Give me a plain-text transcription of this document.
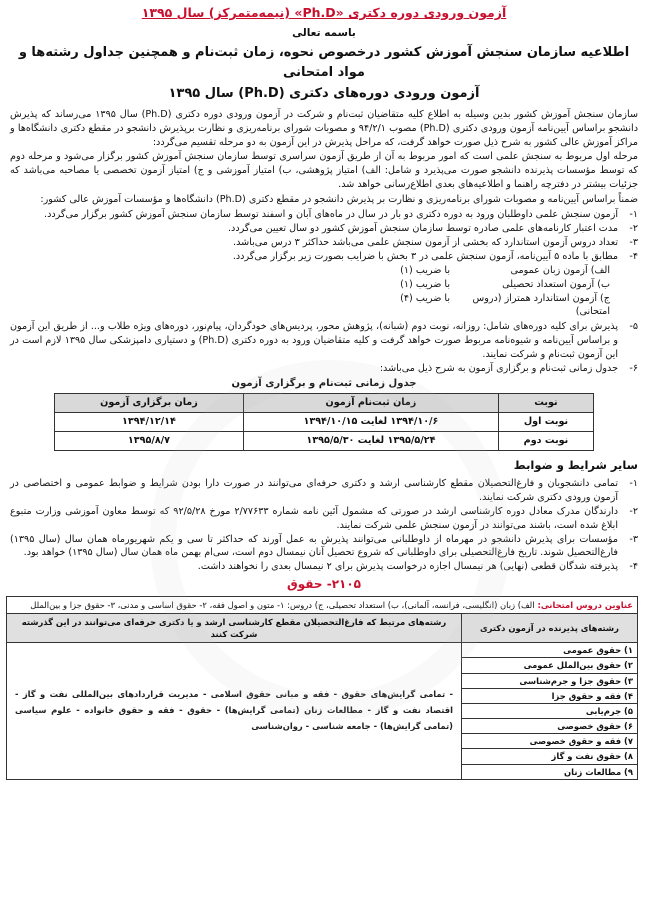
آزمون ورودی دوره دکتری «Ph.D» (نیمه‌متمرکز) سال ۱۳۹۵
باسمه تعالی
اطلاعیه سازمان سنجش آموزش کشور درخصوص نحوه، زمان ثبت‌نام و همچنین جداول رشته‌ها و مواد امتحانی
آزمون ورودی دوره‌های دکتری (Ph.D) سال ۱۳۹۵

سازمان سنجش آموزش کشور بدین وسیله به اطلاع کلیه متقاضیان ثبت‌نام و شرکت در آزمون ورودی دوره دکتری (Ph.D) سال ۱۳۹۵ می‌رساند که پذیرش دانشجو براساس آیین‌نامه آزمون ورودی دکتری (Ph.D) مصوب ۹۴/۲/۱ و مصوبات شورای برنامه‌ریزی و نظارت برپذیرش دانشجو در مقطع دکتری دانشگاه‌ها و مراکز آموزش عالی کشور به شرح ذیل صورت خواهد گرفت، که مراحل پذیرش در این آزمون به دو مرحله تقسیم می‌گردد:

مرحله اول مربوط به سنجش علمی است که امور مربوط به آن از طریق آزمون سراسری توسط سازمان سنجش آموزش کشور برگزار می‌شود و مرحله دوم که توسط مؤسسات پذیرنده دانشجو صورت می‌پذیرد و شامل: الف) امتیاز پژوهشی، ب) امتیاز آموزشی و ج) امتیاز آزمون تخصصی یا مصاحبه می‌باشد که جزئیات بیشتر در دفترچه راهنما و اطلاعیه‌های بعدی اطلاع‌رسانی خواهد شد.

ضمناً براساس آیین‌نامه و مصوبات شورای برنامه‌ریزی و نظارت بر پذیرش دانشجو در مقطع دکتری (Ph.D) دانشگاه‌ها و مؤسسات آموزش عالی کشور:

۱-
آزمون سنجش علمی داوطلبان ورود به دوره دکتری دو بار در سال در ماه‌های آبان و اسفند توسط سازمان سنجش آموزش کشور برگزار می‌گردد.
۲-
مدت اعتبار کارنامه‌های علمی صادره توسط سازمان سنجش آموزش کشور دو سال تعیین می‌گردد.
۳-
تعداد دروس آزمون استاندارد که بخشی از آزمون سنجش علمی می‌باشد حداکثر ۳ درس می‌باشد.
۴-
مطابق با ماده ۵ آیین‌نامه، آزمون سنجش علمی در ۳ بخش با ضرایب بصورت زیر برگزار می‌گردد.
الف) آزمون زبان عمومی
با ضریب (۱)
ب) آزمون استعداد تحصیلی
با ضریب (۱)
ج) آزمون استاندارد همتراز (دروس امتحانی)
با ضریب (۴)
۵-
پذیرش برای کلیه دوره‌های شامل: روزانه، نوبت دوم (شبانه)، پژوهش محور، پردیس‌های خودگردان، پیام‌نور، دوره‌های ویژه طلاب و... از طریق این آزمون و براساس آیین‌نامه و شیوه‌نامه مربوط صورت خواهد گرفت و کلیه متقاضیان ورود به دوره دکتری (Ph.D) و دستیاری دامپزشکی سال ۱۳۹۵ لازم است در این آزمون ثبت‌نام و شرکت نمایند.
۶-
جدول زمانی ثبت‌نام و برگزاری آزمون به شرح ذیل می‌باشد:
جدول زمانی ثبت‌نام و برگزاری آزمون
نوبت	زمان ثبت‌نام آزمون	زمان برگزاری آزمون
نوبت اول	۱۳۹۴/۱۰/۶ لغایت ۱۳۹۴/۱۰/۱۵	۱۳۹۴/۱۲/۱۴
نوبت دوم	۱۳۹۵/۵/۲۴ لغایت ۱۳۹۵/۵/۳۰	۱۳۹۵/۸/۷
سایر شرایط و ضوابط
۱-
تمامی دانشجویان و فارغ‌التحصیلان مقطع کارشناسی ارشد و دکتری حرفه‌ای می‌توانند در صورت دارا بودن شرایط و ضوابط عمومی و اختصاصی در آزمون ورودی دکتری شرکت نمایند.
۲-
دارندگان مدرک معادل دوره کارشناسی ارشد در صورتی که مشمول آئین نامه شماره ۲/۷۷۶۳۳ مورخ ۹۲/۵/۲۸ که توسط معاون آموزشی وزارت متبوع ابلاغ شده است، باشند می‌توانند در آزمون سنجش علمی شرکت نمایند.
۳-
مؤسسات برای پذیرش دانشجو در مهرماه از داوطلبانی می‌توانند پذیرش به عمل آورند که حداکثر تا سی و یکم شهریورماه همان سال (سال ۱۳۹۵) فارغ‌التحصیل شوند. تاریخ فارغ‌التحصیلی برای داوطلبانی که شروع تحصیل آنان نیمسال دوم است، سی‌ام بهمن ماه همان سال (سال ۱۳۹۵) خواهد بود.
۴-
پذیرفته شدگان قطعی (نهایی) هر نیمسال اجازه درخواست پذیرش برای ۲ نیمسال بعدی را نخواهند داشت.
۲۱۰۵- حقوق
عناوین دروس امتحانی: الف) زبان (انگلیسی، فرانسه، آلمانی)، ب) استعداد تحصیلی، ج) دروس: ۱- متون و اصول فقه، ۲- حقوق اساسی و مدنی، ۳- حقوق جزا و بین‌الملل	
رشته‌های پذیرنده در آزمون دکتری	رشته‌های مرتبط که فارغ‌التحصیلان مقطع کارشناسی ارشد و یا دکتری حرفه‌ای می‌توانند در این گذرشته شرکت کنند
۱) حقوق عمومی	- تمامی گرایش‌های حقوق - فقه و مبانی حقوق اسلامی - مدیریت قراردادهای بین‌المللی نفت و گاز - اقتصاد نفت و گاز - مطالعات زنان (تمامی گرایش‌ها) - حقوق - فقه و حقوق خانواده - علوم سیاسی (تمامی گرایش‌ها) - جامعه شناسی - روان‌شناسی
۲) حقوق بین‌الملل عمومی	
۳) حقوق جزا و جرم‌شناسی	
۴) فقه و حقوق جزا	
۵) جرم‌یابی	
۶) حقوق خصوصی	
۷) فقه و حقوق خصوصی	
۸) حقوق نفت و گاز	
۹) مطالعات زنان	
